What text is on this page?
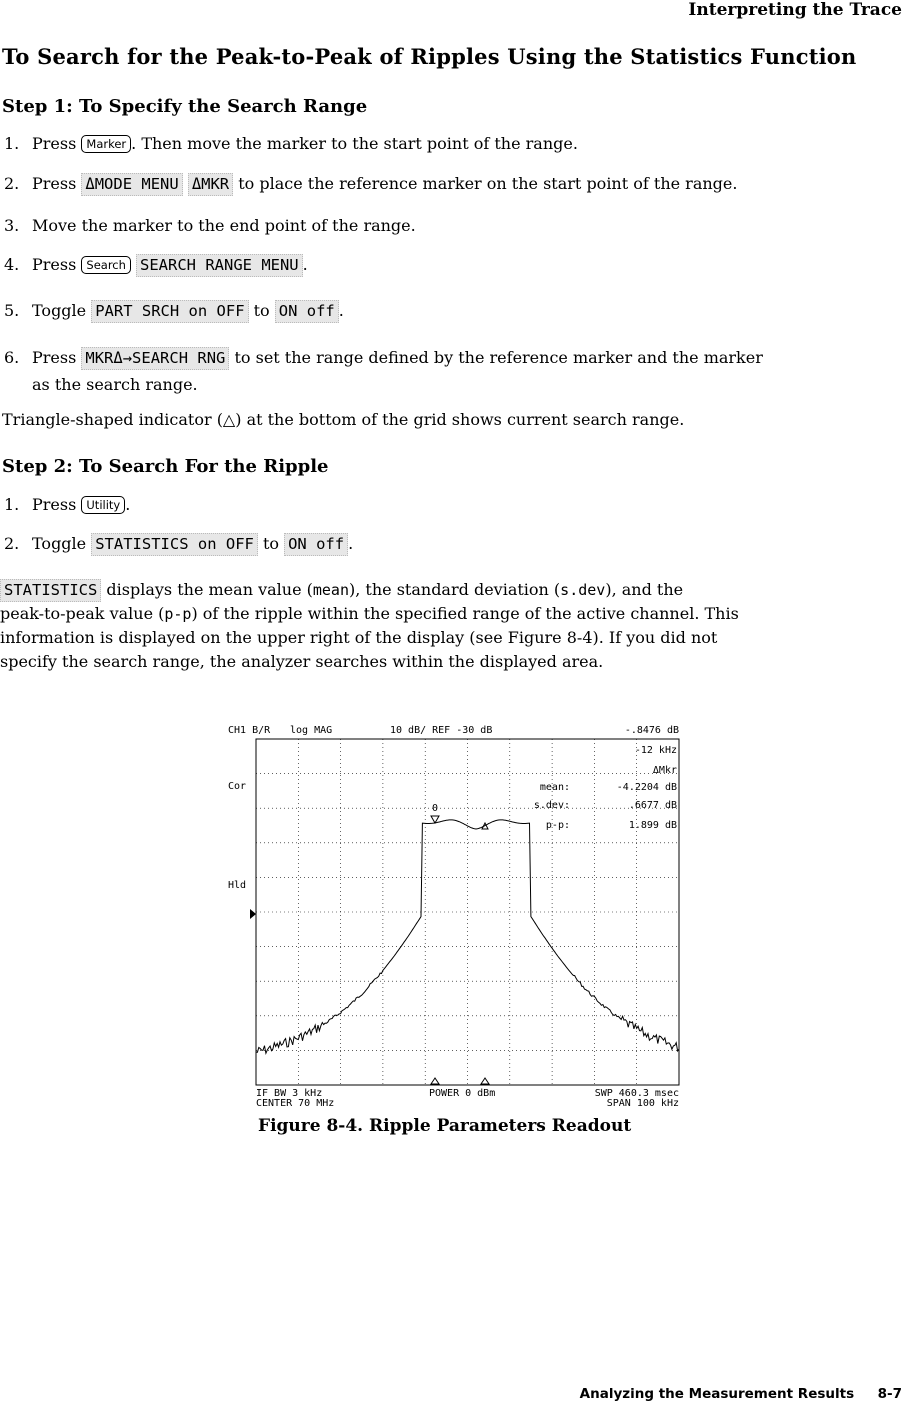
Interpreting the Trace
To Search for the Peak-to-Peak of Ripples Using the Statistics Function
Step 1: To Specify the Search Range
1. Press Marker . Then move the marker to the start point of the range.
2. Press ΔMODE MENU ΔMKR to place the reference marker on the start point of the range.
3. Move the marker to the end point of the range.
4. Press Search SEARCH RANGE MENU .
5. Toggle PART SRCH on OFF to ON off .
6. Press MKRΔ→SEARCH RNG to set the range defined by the reference marker and the marker
as the search range.
Triangle-shaped indicator (△) at the bottom of the grid shows current search range.
Step 2: To Search For the Ripple
1. Press Utility .
2. Toggle STATISTICS on OFF to ON off .
STATISTICS displays the mean value (mean), the standard deviation (s.dev), and the
peak-to-peak value (p-p) of the ripple within the specified range of the active channel. This
information is displayed on the upper right of the display (see Figure 8-4). If you did not
specify the search range, the analyzer searches within the displayed area.
CH1 B/R log MAG	10 dB/ REF -30 dB	-.8476 dB
Cor
Hld
-12 kHz
ΔMkr
mean:	-4.2204 dB
s.dev:	.6677 dB
p-p:	1.899 dB
0
IF BW 3 kHz	POWER 0 dBm	SWP 460.3 msec
CENTER 70 MHz	SPAN 100 kHz
Figure 8-4. Ripple Parameters Readout
Analyzing the Measurement Results     8-7
